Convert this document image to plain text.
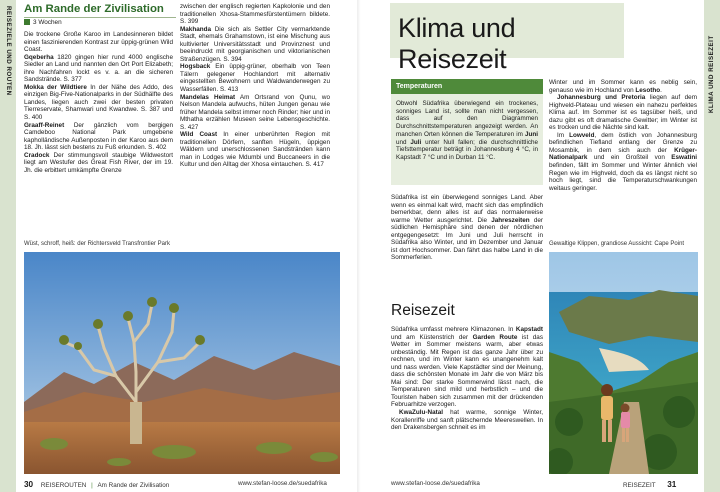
REISEZIELE UND ROUTEN Am Rande der Zivilisation
3 Wochen

Die trockene Große Karoo im Landesinneren bildet einen faszinierenden Kontrast zur üppig-grünen Wild Coast.

Gqeberha 1820 gingen hier rund 4000 englische Siedler an Land und nannten den Ort Port Elizabeth; ihre Nachfahren lockt es v. a. an die sicheren Sandstrände. S. 377

Mokka der Wildtiere In der Nähe des Addo, des einzigen Big-Five-Nationalparks in der Südhälfte des Landes, liegen auch zwei der besten privaten Tierreservate, Shamwari und Kwandwe. S. 387 und S. 400

Graaff-Reinet Der gänzlich vom bergigen Camdeboo National Park umgebene kapholländische Außenposten in der Karoo aus dem 18. Jh. lässt sich bestens zu Fuß erkunden. S. 402

Cradock Der stimmungsvoll staubige Wildwestort liegt am Westufer des Great Fish River, der im 19. Jh. die erbittert umkämpfte Grenze

zwischen der englisch regierten Kapkolonie und den traditionellen Xhosa-Stammesfürstentümern bildete. S. 399

Makhanda Die sich als Settler City vermarktende Stadt, ehemals Grahamstown, ist eine Mischung aus kultivierter Universitätsstadt und Provinznest und beeindruckt mit georgianischen und viktorianischen Straßenzügen. S. 394

Hogsback Ein üppig-grüner, oberhalb von Teen Tälern gelegener Hochlandort mit alternativ eingestellten Bewohnern und Waldwanderwegen zu Wasserfällen. S. 413

Mandelas Heimat Am Ortsrand von Qunu, wo Nelson Mandela aufwuchs, hüten Jungen genau wie früher Mandela selbst immer noch Rinder; hier und in Mthatha erzählen Museen seine Lebensgeschichte. S. 427

Wild Coast In einer unberührten Region mit traditionellen Dörfern, sanften Hügeln, üppigen Wäldern und unerschlossenen Sandstränden kann man in Lodges wie Mdumbi und Buccaneers in die Kultur und den Alltag der Xhosa eintauchen. S. 417

Wüst, schroff, heiß: der Richtersveld Transfrontier Park
30 REISEROUTEN | Am Rande der Zivilisation	www.stefan-loose.de/suedafrika
KLIMA UND REISEZEIT
Klima und Reisezeit
Temperaturen
Obwohl Südafrika überwiegend ein trockenes, sonniges Land ist, sollte man nicht vergessen, dass auf den Diagrammen Durchschnittstemperaturen angezeigt werden. An manchen Orten können die Temperaturen im Juni und Juli unter Null fallen; die durchschnittliche Tiefsttemperatur beträgt in Johannesburg 4 °C, in Kapstadt 7 °C und in Durban 11 °C.

Südafrika ist ein überwiegend sonniges Land. Aber wenn es einmal kalt wird, macht sich das empfindlich bemerkbar, denn alles ist auf das normalerweise warme Wetter ausgerichtet. Die Jahreszeiten der südlichen Hemisphäre sind denen der nördlichen entgegengesetzt: Im Juni und Juli herrscht in Südafrika also Winter, und im Dezember und Januar ist dort Hochsommer. Dan fährt das halbe Land in die Sommerferien.

Reisezeit

Südafrika umfasst mehrere Klimazonen. In Kapstadt und am Küstenstrich der Garden Route ist das Wetter im Sommer meistens warm, aber etwas unbeständig. Mit Regen ist das ganze Jahr über zu rechnen, und im Winter kann es unangenehm kalt und nass werden. Viele Kapstädter sind der Meinung, dass die schönsten Monate im Jahr die von März bis Mai sind: Der starke Sommerwind lässt nach, die Temperaturen sind mild und herbstlich – und die Touristen haben sich zusammen mit der drückenden Februarhitze verzogen.

KwaZulu-Natal hat warme, sonnige Winter, Korallenriffe und sanft plätschernde Meereswellen. In den Drakensbergen schneit es im

Winter und im Sommer kann es neblig sein, genauso wie im Hochland von Lesotho.

Johannesburg und Pretoria liegen auf dem Highveld-Plateau und wiesen ein nahezu perfektes Klima auf. Im Sommer ist es tagsüber heiß, und dazu gibt es oft dramatische Gewitter; im Winter ist es trocken und die Nächte sind kalt.

Im Lowveld, dem östlich von Johannesburg befindlichen Tiefland entlang der Grenze zu Mosambik, in dem sich auch der Krüger-Nationalpark und ein Großteil von Eswatini befinden, fällt im Sommer und Winter ähnlich viel Regen wie im Highveld, doch da es längst nicht so hoch liegt, sind die Temperaturschwankungen weitaus geringer.

Gewaltige Klippen, grandiose Aussicht: Cape Point
www.stefan-loose.de/suedafrika	REISEZEIT 31
